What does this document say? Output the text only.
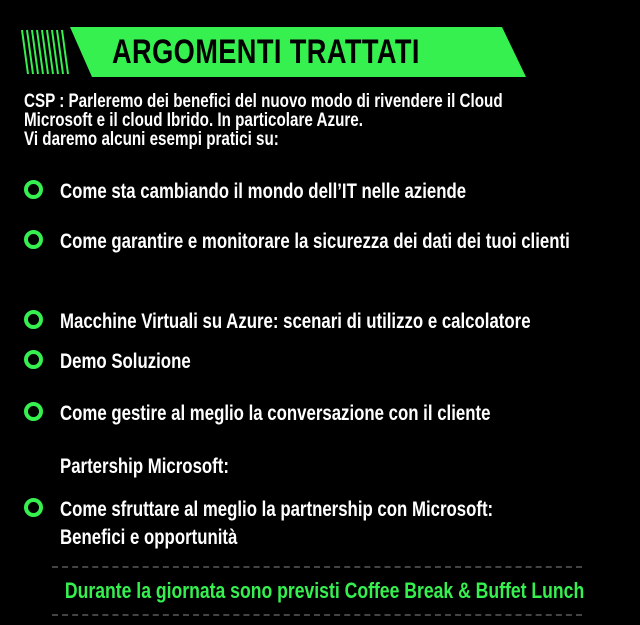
ARGOMENTI TRATTATI
CSP : Parleremo dei benefici del nuovo modo di rivendere il Cloud
Microsoft e il cloud Ibrido. In particolare Azure.
Vi daremo alcuni esempi pratici su:
Come sta cambiando il mondo dell’IT nelle aziende
Come garantire e monitorare la sicurezza dei dati dei tuoi clienti
Macchine Virtuali su Azure: scenari di utilizzo e calcolatore
Demo Soluzione
Come gestire al meglio la conversazione con il cliente
Partership Microsoft:
Come sfruttare al meglio la partnership con Microsoft: Benefici e opportunità
Durante la giornata sono previsti Coffee Break & Buffet Lunch
